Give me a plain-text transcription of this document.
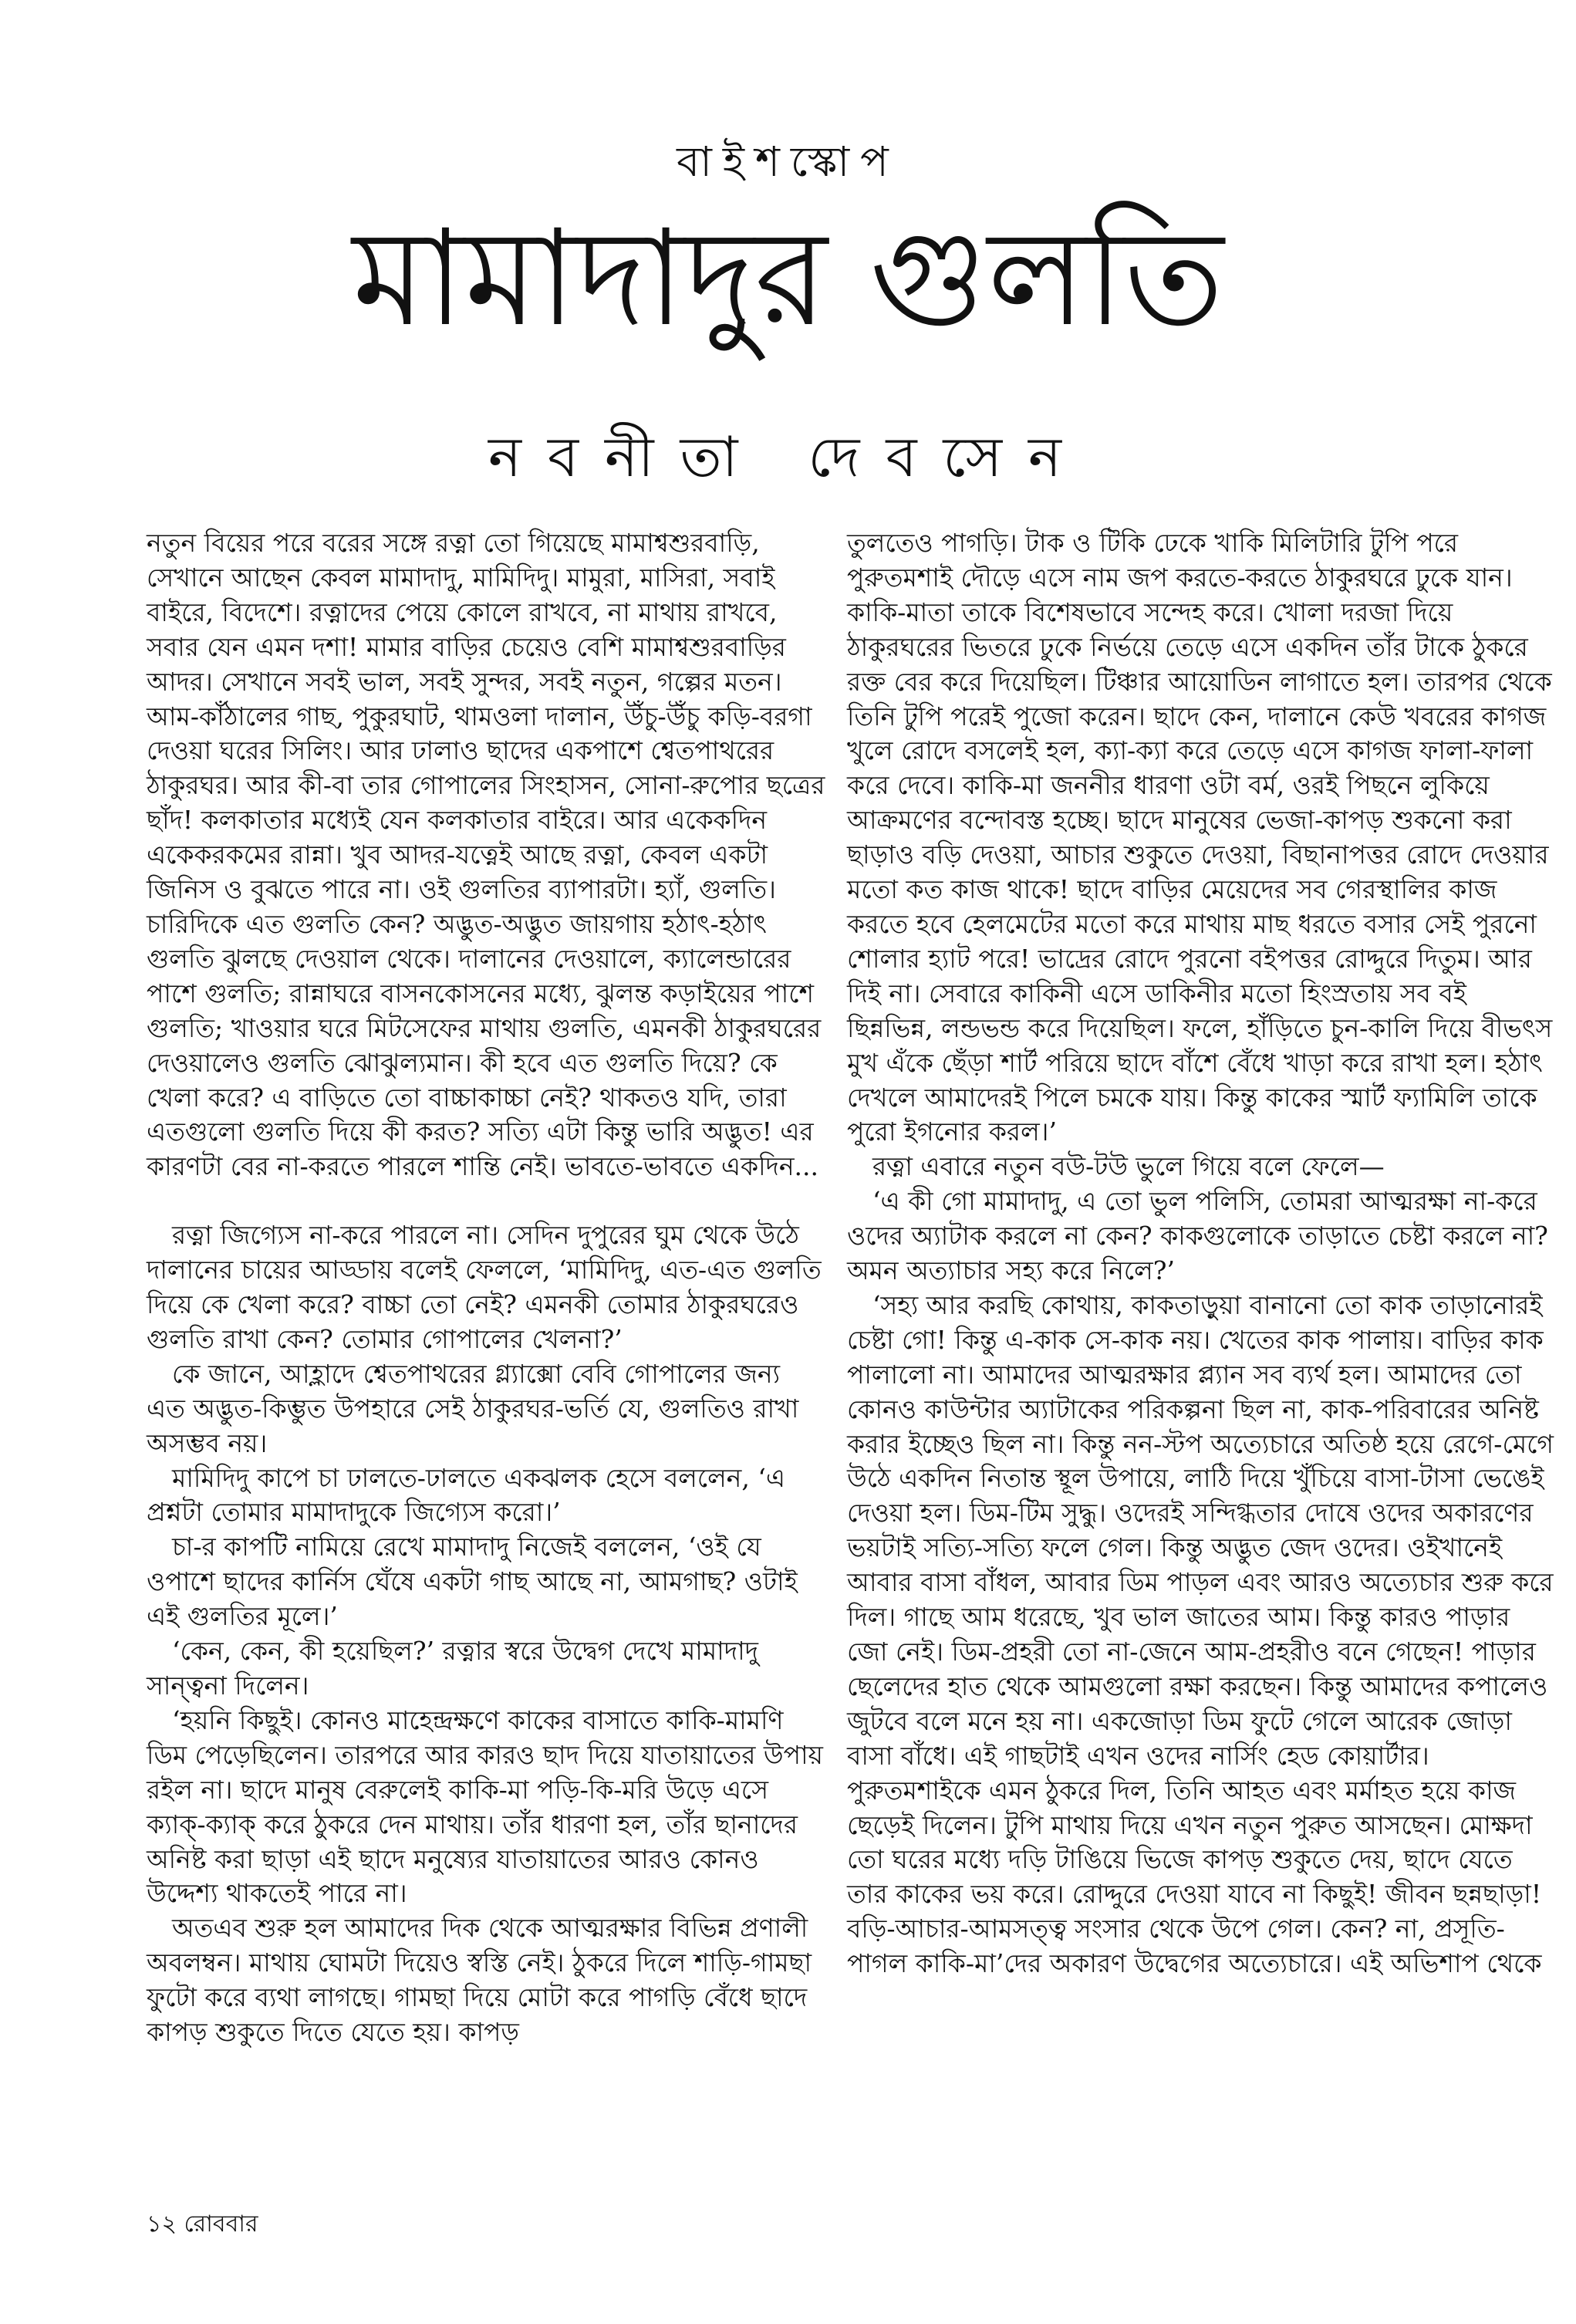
বাইশস্কোপ
মামাদাদুর গুলতি
নবনীতা দেবসেন

নতুন বিয়ের পরে বরের সঙ্গে রত্না তো গিয়েছে মামাশ্বশুরবাড়ি, সেখানে আছেন কেবল মামাদাদু, মামিদিদু। মামুরা, মাসিরা, সবাই বাইরে, বিদেশে। রত্নাদের পেয়ে কোলে রাখবে, না মাথায় রাখবে, সবার যেন এমন দশা! মামার বাড়ির চেয়েও বেশি মামাশ্বশুরবাড়ির আদর। সেখানে সবই ভাল, সবই সুন্দর, সবই নতুন, গল্পের মতন। আম-কাঁঠালের গাছ, পুকুরঘাট, থামওলা দালান, উঁচু-উঁচু কড়ি-বরগা দেওয়া ঘরের সিলিং। আর ঢালাও ছাদের একপাশে শ্বেতপাথরের ঠাকুরঘর। আর কী-বা তার গোপালের সিংহাসন, সোনা-রুপোর ছত্রের ছাঁদ! কলকাতার মধ্যেই যেন কলকাতার বাইরে। আর একেকদিন একেকরকমের রান্না। খুব আদর-যত্নেই আছে রত্না, কেবল একটা জিনিস ও বুঝতে পারে না। ওই গুলতির ব্যাপারটা। হ্যাঁ, গুলতি। চারিদিকে এত গুলতি কেন? অদ্ভুত-অদ্ভুত জায়গায় হঠাৎ-হঠাৎ গুলতি ঝুলছে দেওয়াল থেকে। দালানের দেওয়ালে, ক্যালেন্ডারের পাশে গুলতি; রান্নাঘরে বাসনকোসনের মধ্যে, ঝুলন্ত কড়াইয়ের পাশে গুলতি; খাওয়ার ঘরে মিটসেফের মাথায় গুলতি, এমনকী ঠাকুরঘরের দেওয়ালেও গুলতি ঝোঝুল্যমান। কী হবে এত গুলতি দিয়ে? কে খেলা করে? এ বাড়িতে তো বাচ্চাকাচ্চা নেই? থাকতও যদি, তারা এতগুলো গুলতি দিয়ে কী করত? সত্যি এটা কিন্তু ভারি অদ্ভুত! এর কারণটা বের না-করতে পারলে শান্তি নেই। ভাবতে-ভাবতে একদিন...

রত্না জিগ্যেস না-করে পারলে না। সেদিন দুপুরের ঘুম থেকে উঠে দালানের চায়ের আড্ডায় বলেই ফেললে, ‘মামিদিদু, এত-এত গুলতি দিয়ে কে খেলা করে? বাচ্চা তো নেই? এমনকী তোমার ঠাকুরঘরেও গুলতি রাখা কেন? তোমার গোপালের খেলনা?’

কে জানে, আহ্লাদে শ্বেতপাথরের গ্ল্যাক্সো বেবি গোপালের জন্য এত অদ্ভুত-কিম্ভুত উপহারে সেই ঠাকুরঘর-ভর্তি যে, গুলতিও রাখা অসম্ভব নয়।

মামিদিদু কাপে চা ঢালতে-ঢালতে একঝলক হেসে বললেন, ‘এ প্রশ্নটা তোমার মামাদাদুকে জিগ্যেস করো।’

চা-র কাপটি নামিয়ে রেখে মামাদাদু নিজেই বললেন, ‘ওই যে ওপাশে ছাদের কার্নিস ঘেঁষে একটা গাছ আছে না, আমগাছ? ওটাই এই গুলতির মূলে।’

‘কেন, কেন, কী হয়েছিল?’ রত্নার স্বরে উদ্বেগ দেখে মামাদাদু সান্ত্বনা দিলেন।

‘হয়নি কিছুই। কোনও মাহেন্দ্রক্ষণে কাকের বাসাতে কাকি-মামণি ডিম পেড়েছিলেন। তারপরে আর কারও ছাদ দিয়ে যাতায়াতের উপায় রইল না। ছাদে মানুষ বেরুলেই কাকি-মা পড়ি-কি-মরি উড়ে এসে ক্যাক্-ক্যাক্ করে ঠুকরে দেন মাথায়। তাঁর ধারণা হল, তাঁর ছানাদের অনিষ্ট করা ছাড়া এই ছাদে মনুষ্যের যাতায়াতের আরও কোনও উদ্দেশ্য থাকতেই পারে না।

অতএব শুরু হল আমাদের দিক থেকে আত্মরক্ষার বিভিন্ন প্রণালী অবলম্বন। মাথায় ঘোমটা দিয়েও স্বস্তি নেই। ঠুকরে দিলে শাড়ি-গামছা ফুটো করে ব্যথা লাগছে। গামছা দিয়ে মোটা করে পাগড়ি বেঁধে ছাদে কাপড় শুকুতে দিতে যেতে হয়। কাপড়

তুলতেও পাগড়ি। টাক ও টিকি ঢেকে খাকি মিলিটারি টুপি পরে পুরুতমশাই দৌড়ে এসে নাম জপ করতে-করতে ঠাকুরঘরে ঢুকে যান। কাকি-মাতা তাকে বিশেষভাবে সন্দেহ করে। খোলা দরজা দিয়ে ঠাকুরঘরের ভিতরে ঢুকে নির্ভয়ে তেড়ে এসে একদিন তাঁর টাকে ঠুকরে রক্ত বের করে দিয়েছিল। টিঞ্চার আয়োডিন লাগাতে হল। তারপর থেকে তিনি টুপি পরেই পুজো করেন। ছাদে কেন, দালানে কেউ খবরের কাগজ খুলে রোদে বসলেই হল, ক্যা-ক্যা করে তেড়ে এসে কাগজ ফালা-ফালা করে দেবে। কাকি-মা জননীর ধারণা ওটা বর্ম, ওরই পিছনে লুকিয়ে আক্রমণের বন্দোবস্ত হচ্ছে। ছাদে মানুষের ভেজা-কাপড় শুকনো করা ছাড়াও বড়ি দেওয়া, আচার শুকুতে দেওয়া, বিছানাপত্তর রোদে দেওয়ার মতো কত কাজ থাকে! ছাদে বাড়ির মেয়েদের সব গেরস্থালির কাজ করতে হবে হেলমেটের মতো করে মাথায় মাছ ধরতে বসার সেই পুরনো শোলার হ্যাট পরে! ভাদ্রের রোদে পুরনো বইপত্তর রোদ্দুরে দিতুম। আর দিই না। সেবারে কাকিনী এসে ডাকিনীর মতো হিংস্রতায় সব বই ছিন্নভিন্ন, লন্ডভন্ড করে দিয়েছিল। ফলে, হাঁড়িতে চুন-কালি দিয়ে বীভৎস মুখ এঁকে ছেঁড়া শার্ট পরিয়ে ছাদে বাঁশে বেঁধে খাড়া করে রাখা হল। হঠাৎ দেখলে আমাদেরই পিলে চমকে যায়। কিন্তু কাকের স্মার্ট ফ্যামিলি তাকে পুরো ইগনোর করল।’

রত্না এবারে নতুন বউ-টউ ভুলে গিয়ে বলে ফেলে—

‘এ কী গো মামাদাদু, এ তো ভুল পলিসি, তোমরা আত্মরক্ষা না-করে ওদের অ্যাটাক করলে না কেন? কাকগুলোকে তাড়াতে চেষ্টা করলে না? অমন অত্যাচার সহ্য করে নিলে?’

‘সহ্য আর করছি কোথায়, কাকতাড়ুয়া বানানো তো কাক তাড়ানোরই চেষ্টা গো! কিন্তু এ-কাক সে-কাক নয়। খেতের কাক পালায়। বাড়ির কাক পালালো না। আমাদের আত্মরক্ষার প্ল্যান সব ব্যর্থ হল। আমাদের তো কোনও কাউন্টার অ্যাটাকের পরিকল্পনা ছিল না, কাক-পরিবারের অনিষ্ট করার ইচ্ছেও ছিল না। কিন্তু নন-স্টপ অত্যেচারে অতিষ্ঠ হয়ে রেগে-মেগে উঠে একদিন নিতান্ত স্থূল উপায়ে, লাঠি দিয়ে খুঁচিয়ে বাসা-টাসা ভেঙেই দেওয়া হল। ডিম-টিম সুদ্ধু। ওদেরই সন্দিগ্ধতার দোষে ওদের অকারণের ভয়টাই সত্যি-সত্যি ফলে গেল। কিন্তু অদ্ভুত জেদ ওদের। ওইখানেই আবার বাসা বাঁধল, আবার ডিম পাড়ল এবং আরও অত্যেচার শুরু করে দিল। গাছে আম ধরেছে, খুব ভাল জাতের আম। কিন্তু কারও পাড়ার জো নেই। ডিম-প্রহরী তো না-জেনে আম-প্রহরীও বনে গেছেন! পাড়ার ছেলেদের হাত থেকে আমগুলো রক্ষা করছেন। কিন্তু আমাদের কপালেও জুটবে বলে মনে হয় না। একজোড়া ডিম ফুটে গেলে আরেক জোড়া বাসা বাঁধে। এই গাছটাই এখন ওদের নার্সিং হেড কোয়ার্টার। পুরুতমশাইকে এমন ঠুকরে দিল, তিনি আহত এবং মর্মাহত হয়ে কাজ ছেড়েই দিলেন। টুপি মাথায় দিয়ে এখন নতুন পুরুত আসছেন। মোক্ষদা তো ঘরের মধ্যে দড়ি টাঙিয়ে ভিজে কাপড় শুকুতে দেয়, ছাদে যেতে তার কাকের ভয় করে। রোদ্দুরে দেওয়া যাবে না কিছুই! জীবন ছন্নছাড়া! বড়ি-আচার-আমসত্ত্ব সংসার থেকে উপে গেল। কেন? না, প্রসূতি-পাগল কাকি-মা’দের অকারণ উদ্বেগের অত্যেচারে। এই অভিশাপ থেকে

১২ রোববার
